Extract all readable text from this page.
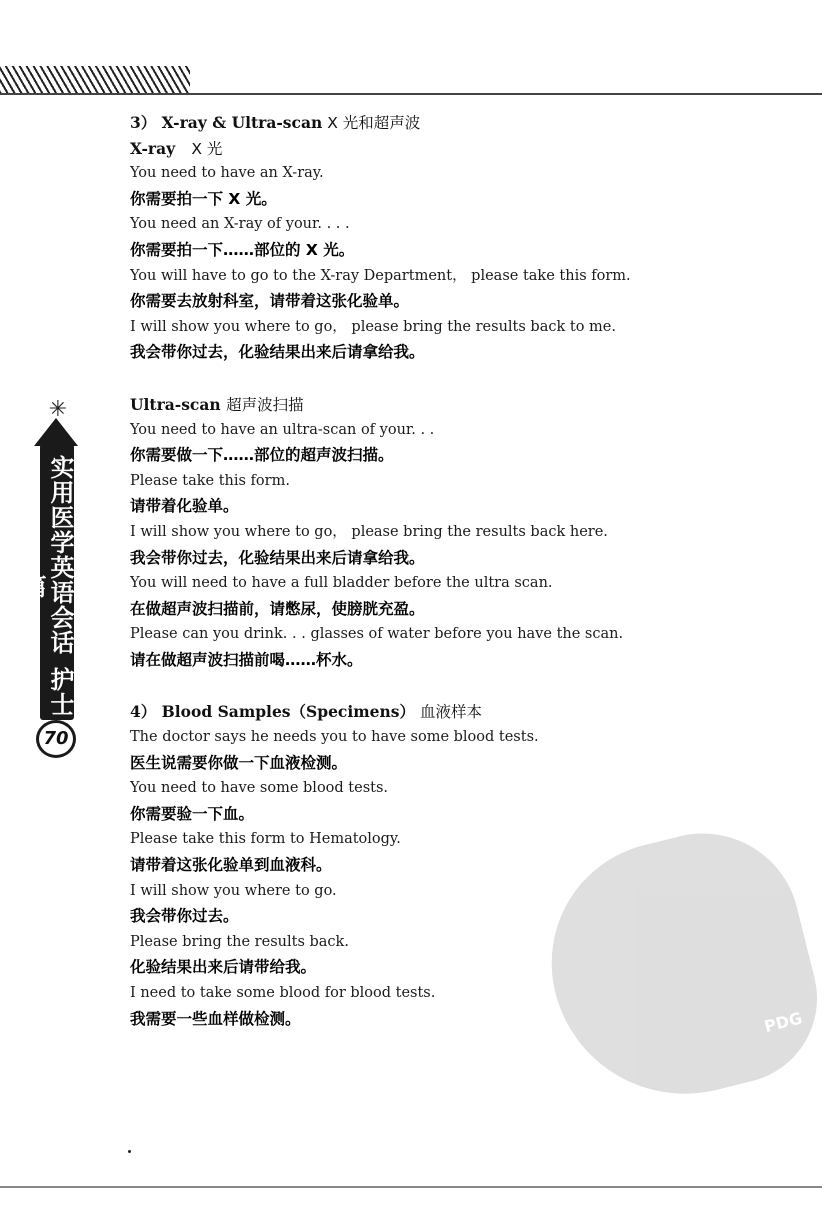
✳
实用医学英语会话护士篇
70
3） X-ray & Ultra-scan X 光和超声波
X-ray X 光
You need to have an X-ray.
你需要拍一下 X 光。
You need an X-ray of your. . . .
你需要拍一下……部位的 X 光。
You will have to go to the X-ray Department， please take this form.
你需要去放射科室，请带着这张化验单。
I will show you where to go， please bring the results back to me.
我会带你过去，化验结果出来后请拿给我。
Ultra-scan 超声波扫描
You need to have an ultra-scan of your. . .
你需要做一下……部位的超声波扫描。
Please take this form.
请带着化验单。
I will show you where to go， please bring the results back here.
我会带你过去，化验结果出来后请拿给我。
You will need to have a full bladder before the ultra scan.
在做超声波扫描前，请憋尿，使膀胱充盈。
Please can you drink. . . glasses of water before you have the scan.
请在做超声波扫描前喝……杯水。
4） Blood Samples（Specimens） 血液样本
The doctor says he needs you to have some blood tests.
医生说需要你做一下血液检测。
You need to have some blood tests.
你需要验一下血。
Please take this form to Hematology.
请带着这张化验单到血液科。
I will show you where to go.
我会带你过去。
Please bring the results back.
化验结果出来后请带给我。
I need to take some blood for blood tests.
我需要一些血样做检测。	PDG
